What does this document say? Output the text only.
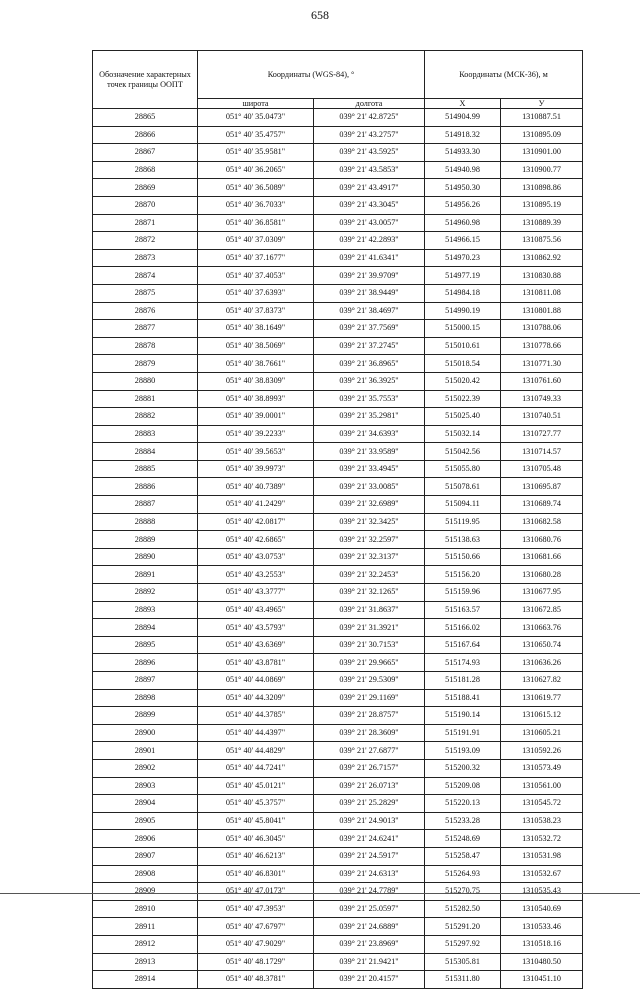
658
Обозначение характерных точек границы ООПТ	Координаты (WGS-84), °		Координаты (МСК-36), м	
	широта	долгота	X	У
28865	051° 40' 35.0473"	039° 21' 42.8725"	514904.99	1310887.51
28866	051° 40' 35.4757"	039° 21' 43.2757"	514918.32	1310895.09
28867	051° 40' 35.9581"	039° 21' 43.5925"	514933.30	1310901.00
28868	051° 40' 36.2065"	039° 21' 43.5853"	514940.98	1310900.77
28869	051° 40' 36.5089"	039° 21' 43.4917"	514950.30	1310898.86
28870	051° 40' 36.7033"	039° 21' 43.3045"	514956.26	1310895.19
28871	051° 40' 36.8581"	039° 21' 43.0057"	514960.98	1310889.39
28872	051° 40' 37.0309"	039° 21' 42.2893"	514966.15	1310875.56
28873	051° 40' 37.1677"	039° 21' 41.6341"	514970.23	1310862.92
28874	051° 40' 37.4053"	039° 21' 39.9709"	514977.19	1310830.88
28875	051° 40' 37.6393"	039° 21' 38.9449"	514984.18	1310811.08
28876	051° 40' 37.8373"	039° 21' 38.4697"	514990.19	1310801.88
28877	051° 40' 38.1649"	039° 21' 37.7569"	515000.15	1310788.06
28878	051° 40' 38.5069"	039° 21' 37.2745"	515010.61	1310778.66
28879	051° 40' 38.7661"	039° 21' 36.8965"	515018.54	1310771.30
28880	051° 40' 38.8309"	039° 21' 36.3925"	515020.42	1310761.60
28881	051° 40' 38.8993"	039° 21' 35.7553"	515022.39	1310749.33
28882	051° 40' 39.0001"	039° 21' 35.2981"	515025.40	1310740.51
28883	051° 40' 39.2233"	039° 21' 34.6393"	515032.14	1310727.77
28884	051° 40' 39.5653"	039° 21' 33.9589"	515042.56	1310714.57
28885	051° 40' 39.9973"	039° 21' 33.4945"	515055.80	1310705.48
28886	051° 40' 40.7389"	039° 21' 33.0085"	515078.61	1310695.87
28887	051° 40' 41.2429"	039° 21' 32.6989"	515094.11	1310689.74
28888	051° 40' 42.0817"	039° 21' 32.3425"	515119.95	1310682.58
28889	051° 40' 42.6865"	039° 21' 32.2597"	515138.63	1310680.76
28890	051° 40' 43.0753"	039° 21' 32.3137"	515150.66	1310681.66
28891	051° 40' 43.2553"	039° 21' 32.2453"	515156.20	1310680.28
28892	051° 40' 43.3777"	039° 21' 32.1265"	515159.96	1310677.95
28893	051° 40' 43.4965"	039° 21' 31.8637"	515163.57	1310672.85
28894	051° 40' 43.5793"	039° 21' 31.3921"	515166.02	1310663.76
28895	051° 40' 43.6369"	039° 21' 30.7153"	515167.64	1310650.74
28896	051° 40' 43.8781"	039° 21' 29.9665"	515174.93	1310636.26
28897	051° 40' 44.0869"	039° 21' 29.5309"	515181.28	1310627.82
28898	051° 40' 44.3209"	039° 21' 29.1169"	515188.41	1310619.77
28899	051° 40' 44.3785"	039° 21' 28.8757"	515190.14	1310615.12
28900	051° 40' 44.4397"	039° 21' 28.3609"	515191.91	1310605.21
28901	051° 40' 44.4829"	039° 21' 27.6877"	515193.09	1310592.26
28902	051° 40' 44.7241"	039° 21' 26.7157"	515200.32	1310573.49
28903	051° 40' 45.0121"	039° 21' 26.0713"	515209.08	1310561.00
28904	051° 40' 45.3757"	039° 21' 25.2829"	515220.13	1310545.72
28905	051° 40' 45.8041"	039° 21' 24.9013"	515233.28	1310538.23
28906	051° 40' 46.3045"	039° 21' 24.6241"	515248.69	1310532.72
28907	051° 40' 46.6213"	039° 21' 24.5917"	515258.47	1310531.98
28908	051° 40' 46.8301"	039° 21' 24.6313"	515264.93	1310532.67
28909	051° 40' 47.0173"	039° 21' 24.7789"	515270.75	1310535.43
28910	051° 40' 47.3953"	039° 21' 25.0597"	515282.50	1310540.69
28911	051° 40' 47.6797"	039° 21' 24.6889"	515291.20	1310533.46
28912	051° 40' 47.9029"	039° 21' 23.8969"	515297.92	1310518.16
28913	051° 40' 48.1729"	039° 21' 21.9421"	515305.81	1310480.50
28914	051° 40' 48.3781"	039° 21' 20.4157"	515311.80	1310451.10
